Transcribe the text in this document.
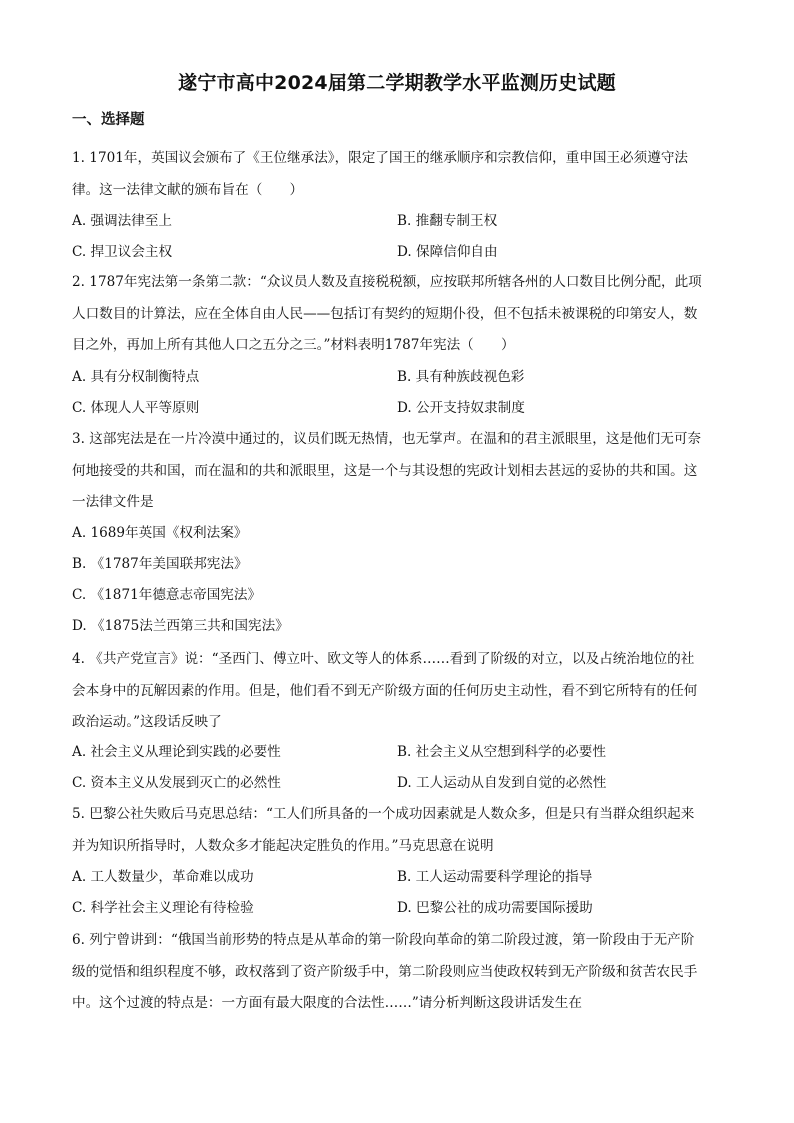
遂宁市高中2024届第二学期教学水平监测历史试题
一、选择题

1. 1701年，英国议会颁布了《王位继承法》，限定了国王的继承顺序和宗教信仰，重申国王必须遵守法

律。这一法律文献的颁布旨在（　　）

A. 强调法律至上	B. 推翻专制王权
C. 捍卫议会主权	D. 保障信仰自由

2. 1787年宪法第一条第二款：“众议员人数及直接税税额，应按联邦所辖各州的人口数目比例分配，此项

人口数目的计算法，应在全体自由人民——包括订有契约的短期仆役，但不包括未被课税的印第安人，数

目之外，再加上所有其他人口之五分之三。”材料表明1787年宪法（　　）

A. 具有分权制衡特点	B. 具有种族歧视色彩
C. 体现人人平等原则	D. 公开支持奴隶制度

3. 这部宪法是在一片冷漠中通过的，议员们既无热情，也无掌声。在温和的君主派眼里，这是他们无可奈

何地接受的共和国，而在温和的共和派眼里，这是一个与其设想的宪政计划相去甚远的妥协的共和国。这

一法律文件是

A. 1689年英国《权利法案》
B. 《1787年美国联邦宪法》
C. 《1871年德意志帝国宪法》
D. 《1875法兰西第三共和国宪法》

4. 《共产党宣言》说：“圣西门、傅立叶、欧文等人的体系……看到了阶级的对立，以及占统治地位的社

会本身中的瓦解因素的作用。但是，他们看不到无产阶级方面的任何历史主动性，看不到它所特有的任何

政治运动。”这段话反映了

A. 社会主义从理论到实践的必要性	B. 社会主义从空想到科学的必要性
C. 资本主义从发展到灭亡的必然性	D. 工人运动从自发到自觉的必然性

5. 巴黎公社失败后马克思总结：“工人们所具备的一个成功因素就是人数众多，但是只有当群众组织起来

并为知识所指导时，人数众多才能起决定胜负的作用。”马克思意在说明

A. 工人数量少，革命难以成功	B. 工人运动需要科学理论的指导
C. 科学社会主义理论有待检验	D. 巴黎公社的成功需要国际援助

6. 列宁曾讲到：“俄国当前形势的特点是从革命的第一阶段向革命的第二阶段过渡，第一阶段由于无产阶

级的觉悟和组织程度不够，政权落到了资产阶级手中，第二阶段则应当使政权转到无产阶级和贫苦农民手

中。这个过渡的特点是：一方面有最大限度的合法性……”请分析判断这段讲话发生在
